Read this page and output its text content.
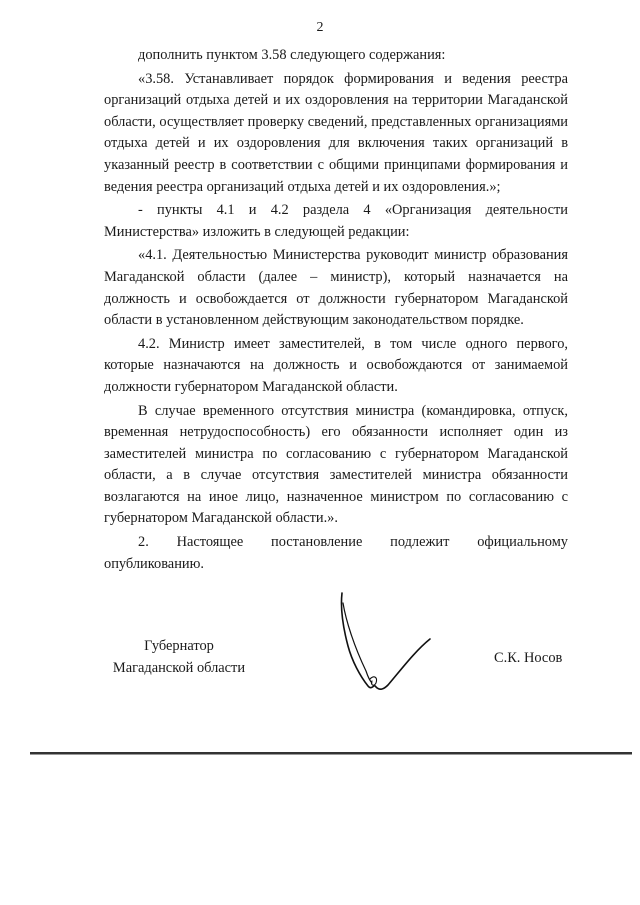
2

дополнить пунктом 3.58 следующего содержания:

«3.58. Устанавливает порядок формирования и ведения реестра организаций отдыха детей и их оздоровления на территории Магаданской области, осуществляет проверку сведений, представленных организациями отдыха детей и их оздоровления для включения таких организаций в указанный реестр в соответствии с общими принципами формирования и ведения реестра организаций отдыха детей и их оздоровления.»;

- пункты 4.1 и 4.2 раздела 4 «Организация деятельности Министерства» изложить в следующей редакции:

«4.1. Деятельностью Министерства руководит министр образования Магаданской области (далее – министр), который назначается на должность и освобождается от должности губернатором Магаданской области в установленном действующим законодательством порядке.

4.2. Министр имеет заместителей, в том числе одного первого, которые назначаются на должность и освобождаются от занимаемой должности губернатором Магаданской области.

В случае временного отсутствия министра (командировка, отпуск, временная нетрудоспособность) его обязанности исполняет один из заместителей министра по согласованию с губернатором Магаданской области, а в случае отсутствия заместителей министра обязанности возлагаются на иное лицо, назначенное министром по согласованию с губернатором Магаданской области.».

2. Настоящее постановление подлежит официальному опубликованию.

Губернатор
Магаданской области
С.К. Носов
